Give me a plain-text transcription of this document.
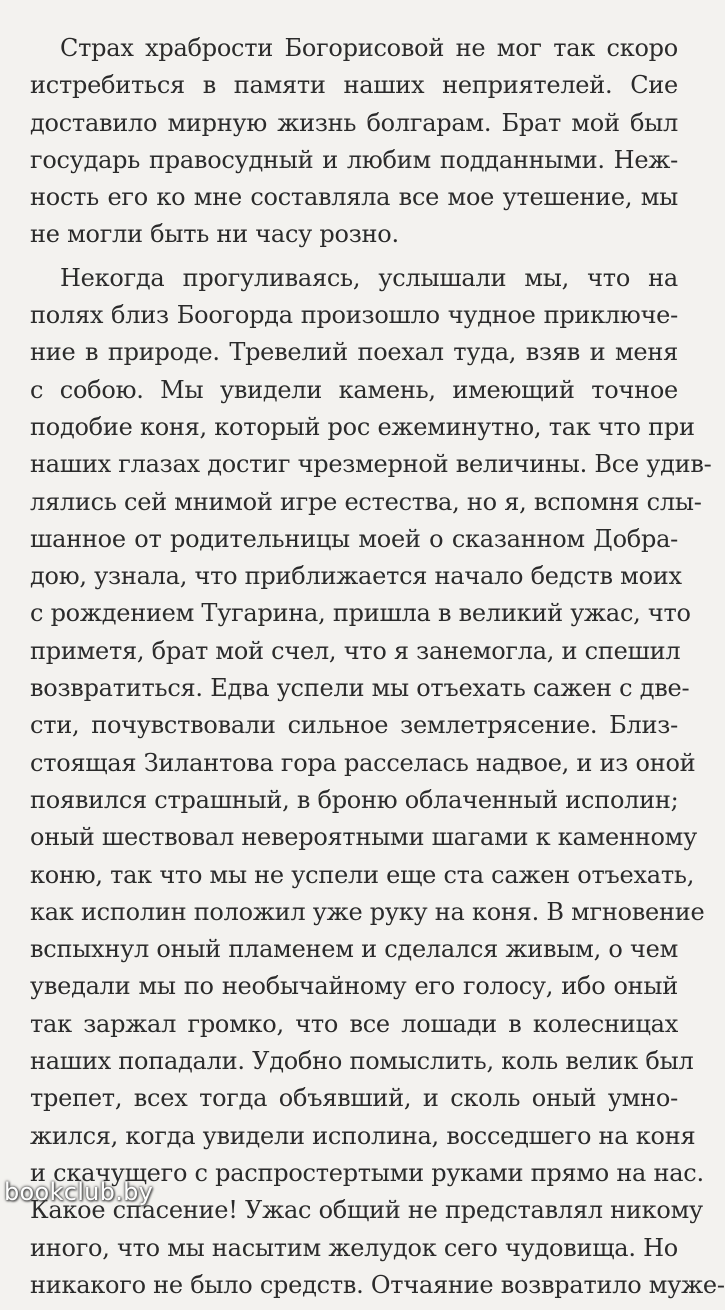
Страх храбрости Богорисовой не мог так скоро
истребиться в памяти наших неприятелей. Сие
доставило мирную жизнь болгарам. Брат мой был
государь правосудный и любим подданными. Неж-
ность его ко мне составляла все мое утешение, мы
не могли быть ни часу розно.

Некогда прогуливаясь, услышали мы, что на
полях близ Боогорда произошло чудное приключе-
ние в природе. Тревелий поехал туда, взяв и меня
с собою. Мы увидели камень, имеющий точное
подобие коня, который рос ежеминутно, так что при
наших глазах достиг чрезмерной величины. Все удив-
лялись сей мнимой игре естества, но я, вспомня слы-
шанное от родительницы моей о сказанном Добра-
дою, узнала, что приближается начало бедств моих
с рождением Тугарина, пришла в великий ужас, что
приметя, брат мой счел, что я занемогла, и спешил
возвратиться. Едва успели мы отъехать сажен с две-
сти, почувствовали сильное землетрясение. Близ-
стоящая Зилантова гора расселась надвое, и из оной
появился страшный, в броню облаченный исполин;
оный шествовал невероятными шагами к каменному
коню, так что мы не успели еще ста сажен отъехать,
как исполин положил уже руку на коня. В мгновение
вспыхнул оный пламенем и сделался живым, о чем
уведали мы по необычайному его голосу, ибо оный
так заржал громко, что все лошади в колесницах
наших попадали. Удобно помыслить, коль велик был
трепет, всех тогда объявший, и сколь оный умно-
жился, когда увидели исполина, восседшего на коня
и скачущего с распростертыми руками прямо на нас.
Какое спасение! Ужас общий не представлял никому
иного, что мы насытим желудок сего чудовища. Но
никакого не было средств. Отчаяние возвратило муже-

bookclub.by
